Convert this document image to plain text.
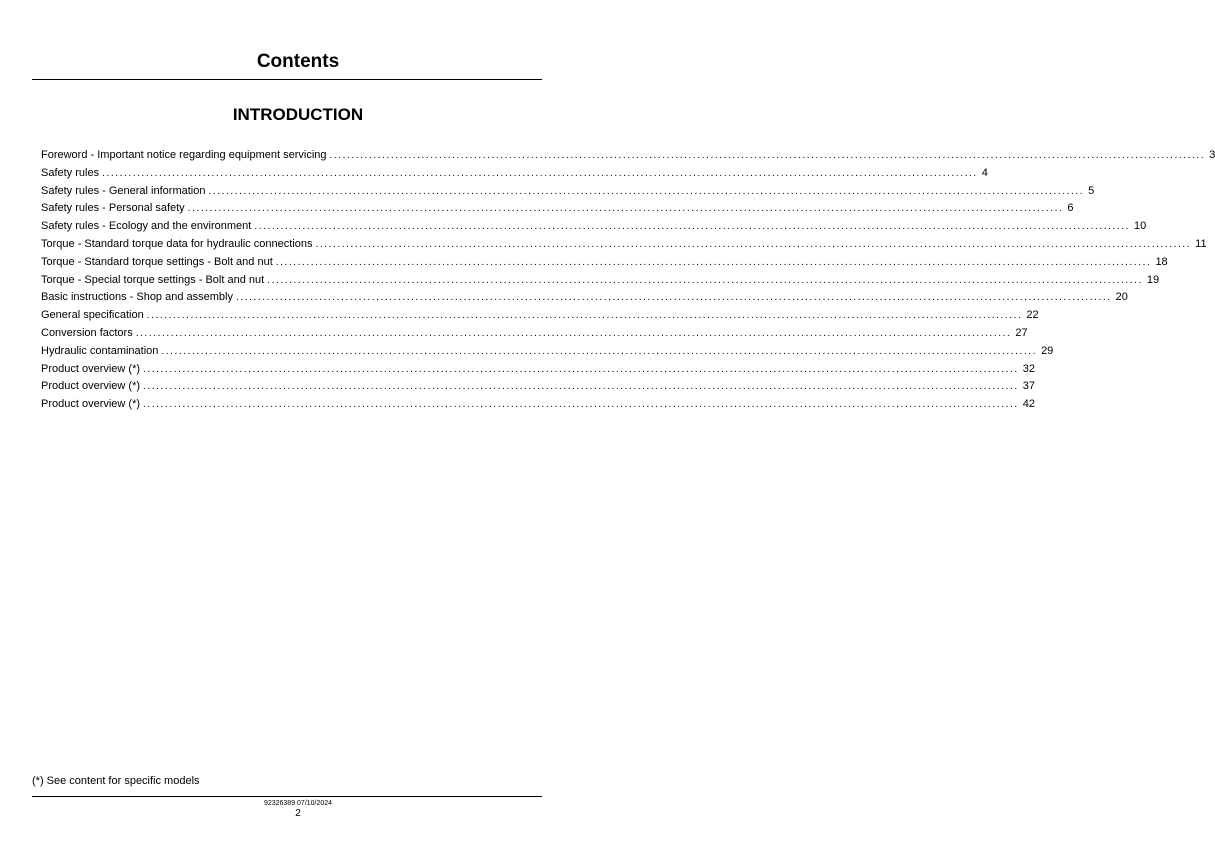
Contents
INTRODUCTION
Foreword - Important notice regarding equipment servicing ........................................................................................................................................................................................................ 3
Safety rules ........................................................................................................................................................................................................ 4
Safety rules - General information ........................................................................................................................................................................................................ 5
Safety rules - Personal safety ........................................................................................................................................................................................................ 6
Safety rules - Ecology and the environment ........................................................................................................................................................................................................ 10
Torque - Standard torque data for hydraulic connections ........................................................................................................................................................................................................ 11
Torque - Standard torque settings - Bolt and nut ........................................................................................................................................................................................................ 18
Torque - Special torque settings - Bolt and nut ........................................................................................................................................................................................................ 19
Basic instructions - Shop and assembly ........................................................................................................................................................................................................ 20
General specification ........................................................................................................................................................................................................ 22
Conversion factors ........................................................................................................................................................................................................ 27
Hydraulic contamination ........................................................................................................................................................................................................ 29
Product overview (*) ........................................................................................................................................................................................................ 32
Product overview (*) ........................................................................................................................................................................................................ 37
Product overview (*) ........................................................................................................................................................................................................ 42
(*) See content for specific models
92326389 07/10/2024
2
